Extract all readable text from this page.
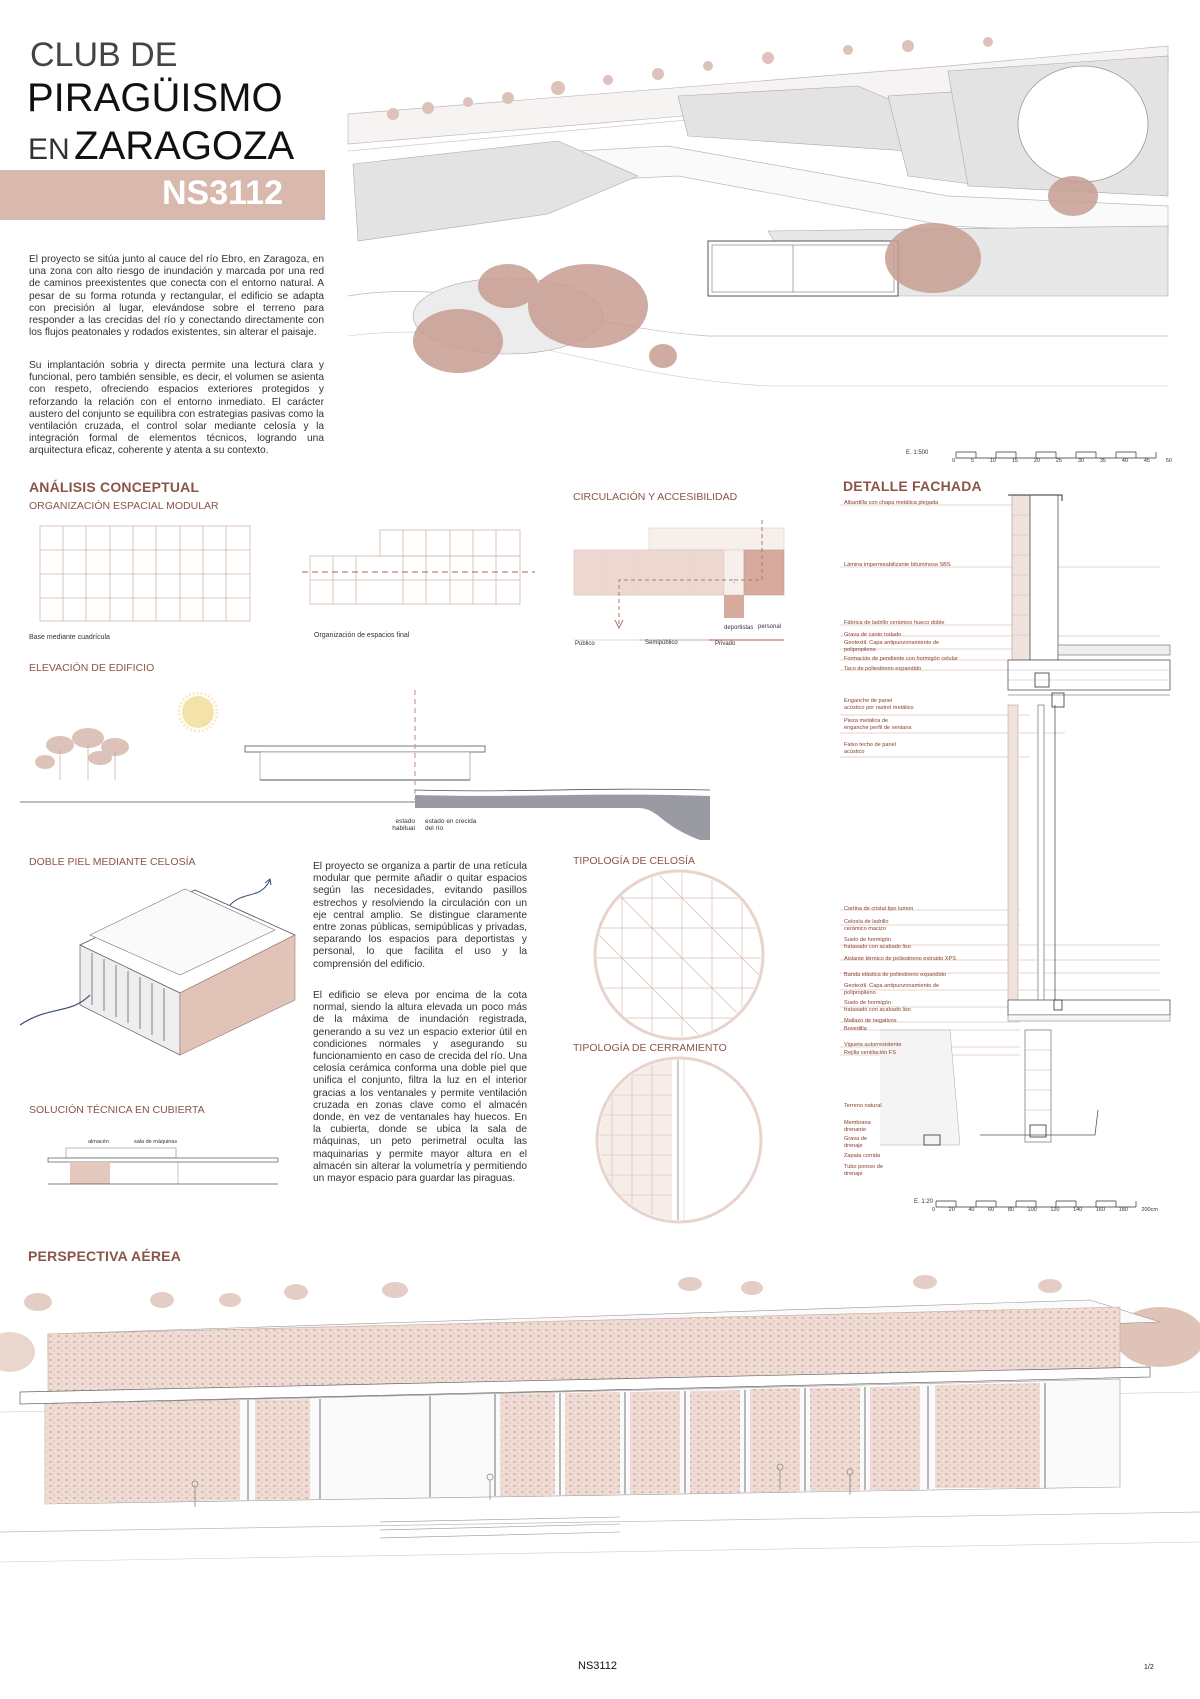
CLUB DE
PIRAGÜISMO
EN ZARAGOZA
NS3112
El proyecto se sitúa junto al cauce del río Ebro, en Zaragoza, en una zona con alto riesgo de inundación y marcada por una red de caminos preexistentes que conecta con el entorno natural. A pesar de su forma rotunda y rectangular, el edificio se adapta con precisión al lugar, elevándose sobre el terreno para responder a las crecidas del río y conectando directamente con los flujos peatonales y rodados existentes, sin alterar el paisaje.
Su implantación sobria y directa permite una lectura clara y funcional, pero también sensible, es decir, el volumen se asienta con respeto, ofreciendo espacios exteriores protegidos y reforzando la relación con el entorno inmediato. El carácter austero del conjunto se equilibra con estrategias pasivas como la ventilación cruzada, el control solar mediante celosía y la integración formal de elementos técnicos, logrando una arquitectura eficaz, coherente y atenta a su contexto.	E. 1:500
0	5	10	15	20	25	30	35	40	45	50
ANÁLISIS CONCEPTUAL
ORGANIZACIÓN ESPACIAL MODULAR
Base mediante cuadrícula	Organización de espacios final
CIRCULACIÓN Y ACCESIBILIDAD
deportistas personal
Público	Semipúblico	Privado
ELEVACIÓN DE EDIFICIO
estado habitual
estado en crecida del río
DOBLE PIEL MEDIANTE CELOSÍA
SOLUCIÓN TÉCNICA EN CUBIERTA
almacén	sala de máquinas
El proyecto se organiza a partir de una retícula modular que permite añadir o quitar espacios según las necesidades, evitando pasillos estrechos y resolviendo la circulación con un eje central amplio. Se distingue claramente entre zonas públicas, semipúblicas y privadas, separando los espacios para deportistas y personal, lo que facilita el uso y la comprensión del edificio.
El edificio se eleva por encima de la cota normal, siendo la altura elevada un poco más de la máxima de inundación registrada, generando a su vez un espacio exterior útil en condiciones normales y asegurando su funcionamiento en caso de crecida del río. Una celosía cerámica conforma una doble piel que unifica el conjunto, filtra la luz en el interior gracias a los ventanales y permite ventilación cruzada en zonas clave como el almacén donde, en vez de ventanales hay huecos. En la cubierta, donde se ubica la sala de máquinas, un peto perimetral oculta las maquinarias y permite mayor altura en el almacén sin alterar la volumetría y permitiendo un mayor espacio para guardar las piraguas.
TIPOLOGÍA DE CELOSÍA
TIPOLOGÍA DE CERRAMIENTO
DETALLE FACHADA
Albardilla con chapa metálica plegada
Lámina impermeabilizante bituminosa SBS
Fábrica de ladrillo cerámico hueco doble
Grava de canto rodado
Geotextil. Capa antipunzonamiento de polipropileno
Formación de pendiente con hormigón celular
Taco de poliestireno expandido
Enganche de panel acústico por rastrel metálico
Pieza metálica de enganche perfil de ventana
Falso techo de panel acústico
Cortina de cristal tipo lumon
Celosía de ladrillo cerámico macizo
Suelo de hormigón fratasado con acabado liso
Aislante térmico de poliestireno extruido XPS
Banda elástica de poliestireno expandido
Geotextil. Capa antipunzonamiento de polipropileno
Suelo de hormigón fratasado con acabado liso
Mallazo de negativos
Bovedilla
Vigueta autorresistente
Rejilla ventilación FS
Terreno natural
Membrana drenante
Grava de drenaje
Zapata corrida
Tubo poroso de drenaje
E. 1:20
0 20 40 60 80 100 120 140 160 180 200cm
PERSPECTIVA AÉREA
NS3112	1/2
